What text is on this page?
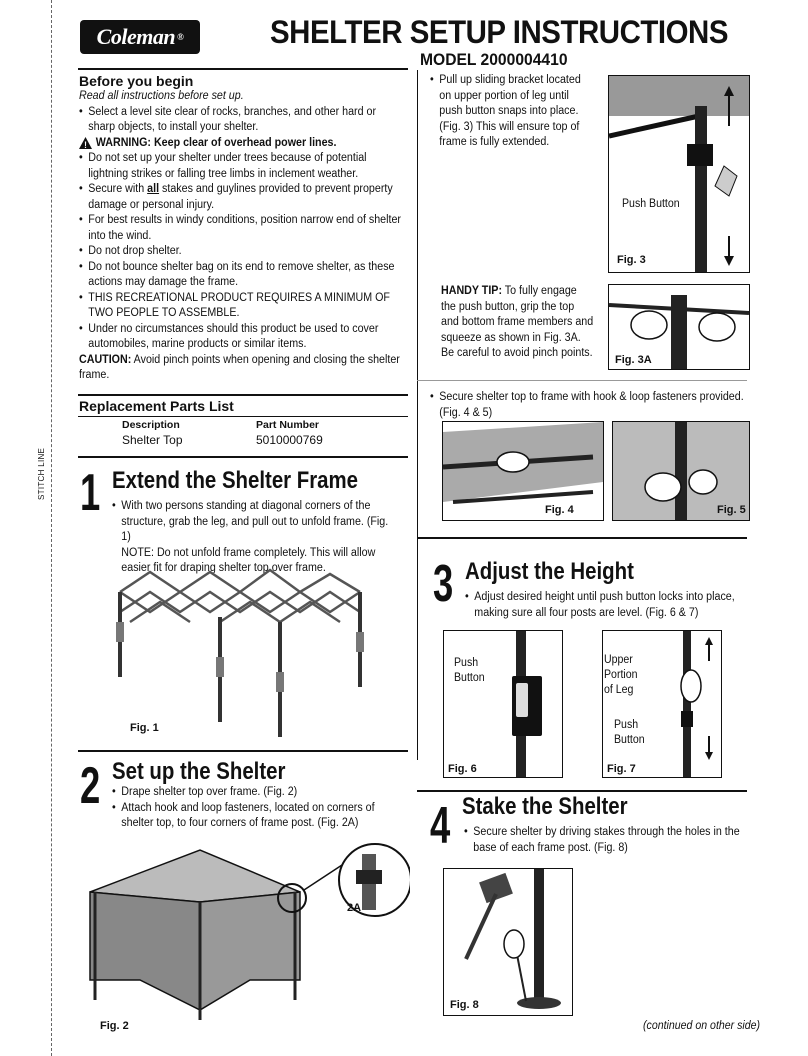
STITCH LINE
Coleman ®	SHELTER SETUP INSTRUCTIONS
MODEL 2000004410
Before you begin
Read all instructions before set up.
• Select a level site clear of rocks, branches, and other hard or sharp objects, to install your shelter.
! WARNING: Keep clear of overhead power lines.
• Do not set up your shelter under trees because of potential lightning strikes or falling tree limbs in inclement weather.
• Secure with all stakes and guylines provided to prevent property damage or personal injury.
• For best results in windy conditions, position narrow end of shelter into the wind.
• Do not drop shelter.
• Do not bounce shelter bag on its end to remove shelter, as these actions may damage the frame.
• THIS RECREATIONAL PRODUCT REQUIRES A MINIMUM OF TWO PEOPLE TO ASSEMBLE.
• Under no circumstances should this product be used to cover automobiles, marine products or similar items.
CAUTION: Avoid pinch points when opening and closing the shelter frame.
Replacement Parts List
Description	Part Number
Shelter Top	5010000769
1 Extend the Shelter Frame
• With two persons standing at diagonal corners of the structure, grab the leg, and pull out to unfold frame. (Fig. 1)
NOTE: Do not unfold frame completely. This will allow easier fit for draping shelter top over frame.
Fig. 1
2 Set up the Shelter
• Drape shelter top over frame. (Fig. 2)
• Attach hook and loop fasteners, located on corners of shelter top, to four corners of frame post. (Fig. 2A)
2A
Fig. 2
• Pull up sliding bracket located on upper portion of leg until push button snaps into place. (Fig. 3) This will ensure top of frame is fully extended.
Push Button
Fig. 3
HANDY TIP: To fully engage the push button, grip the top and bottom frame members and squeeze as shown in Fig. 3A. Be careful to avoid pinch points.
Fig. 3A
• Secure shelter top to frame with hook & loop fasteners provided. (Fig. 4 & 5)
Fig. 4	Fig. 5
3 Adjust the Height
• Adjust desired height until push button locks into place, making sure all four posts are level. (Fig. 6 & 7)
Push
Button
Fig. 6
Upper
Portion
of Leg
Push
Button
Fig. 7
4 Stake the Shelter
• Secure shelter by driving stakes through the holes in the base of each frame post. (Fig. 8)
Fig. 8
(continued on other side)
